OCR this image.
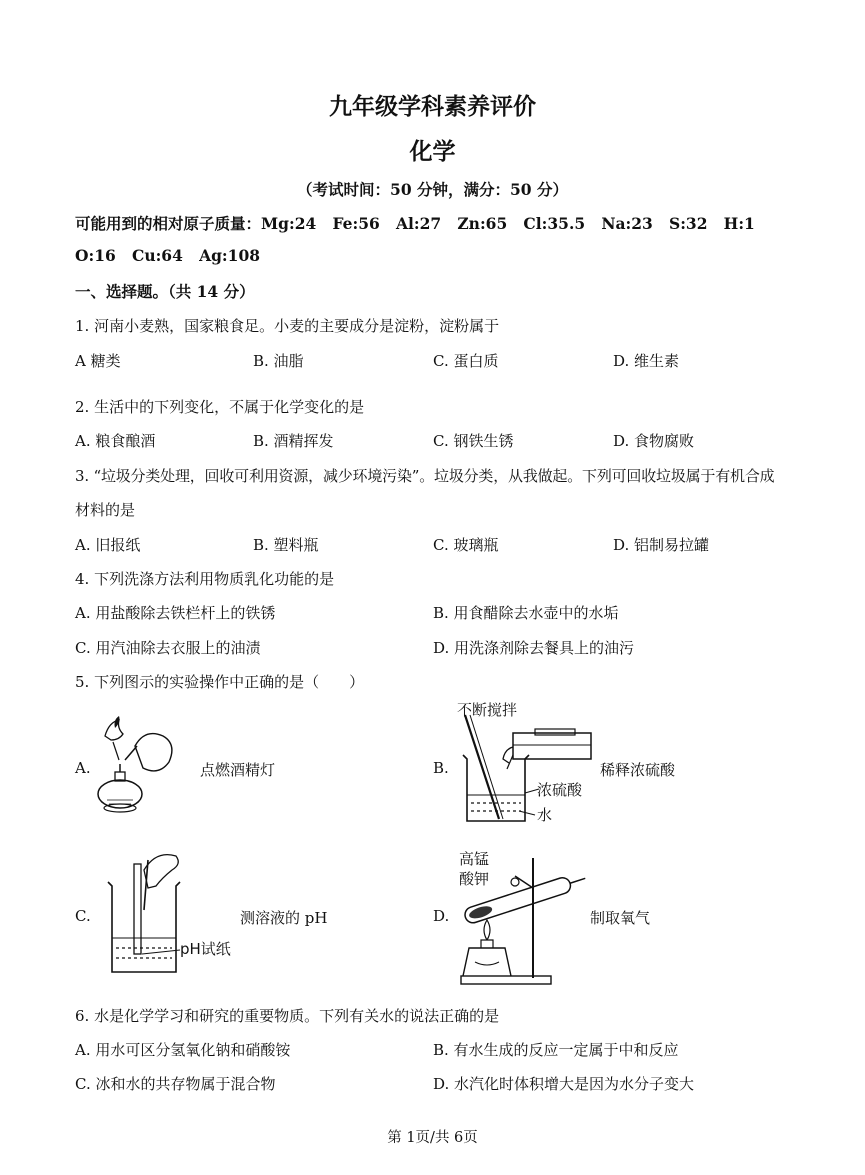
九年级学科素养评价
化学
（考试时间：50 分钟，满分：50 分）
可能用到的相对原子质量：Mg:24   Fe:56   Al:27   Zn:65   Cl:35.5   Na:23   S:32   H:1
O:16   Cu:64   Ag:108
一、选择题。（共 14 分）
1. 河南小麦熟，国家粮食足。小麦的主要成分是淀粉，淀粉属于
A 糖类	B. 油脂	C. 蛋白质	D. 维生素
2. 生活中的下列变化，不属于化学变化的是
A. 粮食酿酒	B. 酒精挥发	C. 钢铁生锈	D. 食物腐败
3. “垃圾分类处理，回收可利用资源，减少环境污染”。垃圾分类，从我做起。下列可回收垃圾属于有机合成
材料的是
A. 旧报纸	B. 塑料瓶	C. 玻璃瓶	D. 铝制易拉罐
4. 下列洗涤方法利用物质乳化功能的是
A. 用盐酸除去铁栏杆上的铁锈	B. 用食醋除去水壶中的水垢
C. 用汽油除去衣服上的油渍	D. 用洗涤剂除去餐具上的油污
5. 下列图示的实验操作中正确的是（　　）
A.	点燃酒精灯	B.
不断搅拌
浓硫酸
水
稀释浓硫酸
C.
pH试纸
测溶液的 pH	D.
高锰
酸钾
制取氧气
6. 水是化学学习和研究的重要物质。下列有关水的说法正确的是
A. 用水可区分氢氧化钠和硝酸铵	B. 有水生成的反应一定属于中和反应
C. 冰和水的共存物属于混合物	D. 水汽化时体积增大是因为水分子变大
第 1页/共 6页
